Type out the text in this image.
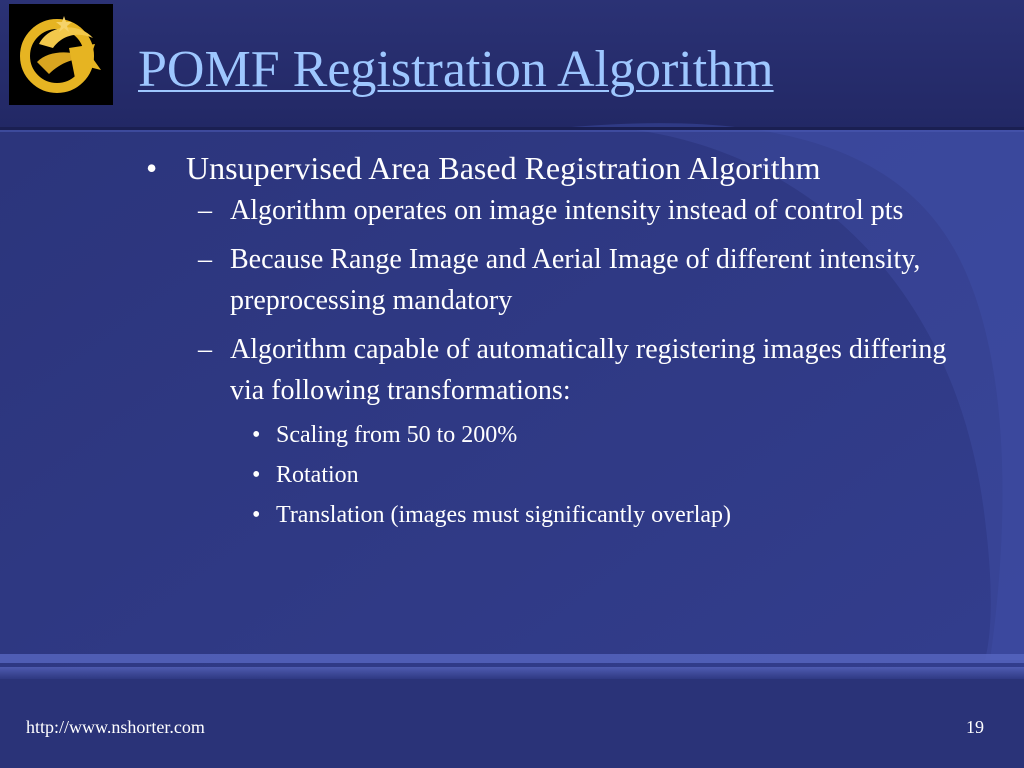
POMF Registration Algorithm
• Unsupervised Area Based Registration Algorithm
– Algorithm operates on image intensity instead of control pts
– Because Range Image and Aerial Image of different intensity, preprocessing mandatory
– Algorithm capable of automatically registering images differing via following transformations:
• Scaling from 50 to 200%
• Rotation
• Translation (images must significantly overlap)
http://www.nshorter.com	19
